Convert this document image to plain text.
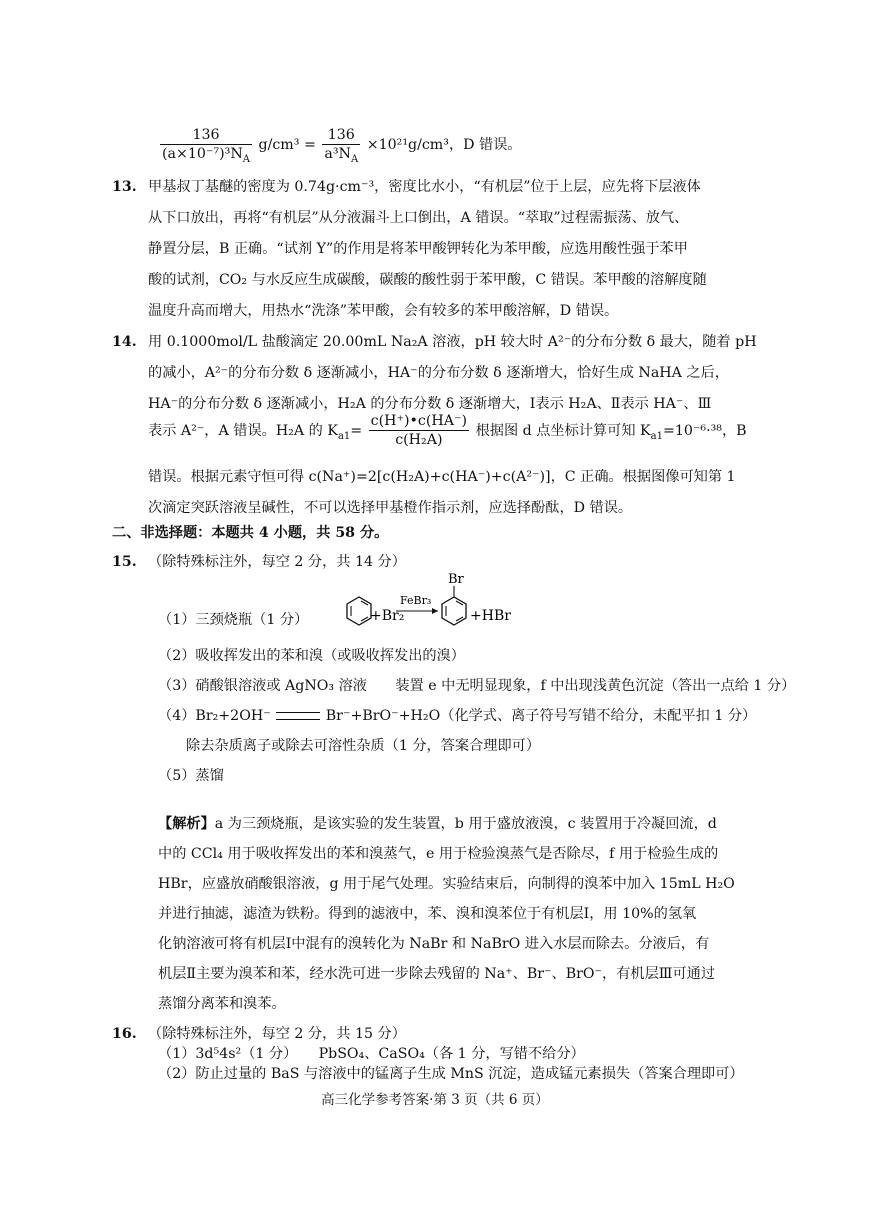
$\frac{136}{(a\times 10^{-7})^3N_A} g/cm^3 = \frac{136}{a^3N_A} \times 10^{21}g/cm^3$，D 错误。
13. 甲基叔丁基醚的密度为 0.74g·cm⁻³，密度比水小，“有机层”位于上层，应先将下层液体
从下口放出，再将“有机层”从分液漏斗上口倒出，A 错误。“萃取”过程需振荡、放气、
静置分层，B 正确。“试剂 Y”的作用是将苯甲酸钾转化为苯甲酸，应选用酸性强于苯甲
酸的试剂，CO₂ 与水反应生成碳酸，碳酸的酸性弱于苯甲酸，C 错误。苯甲酸的溶解度随
温度升高而增大，用热水“洗涤”苯甲酸，会有较多的苯甲酸溶解，D 错误。
14. 用 0.1000mol/L 盐酸滴定 20.00mL Na₂A 溶液，pH 较大时 A²⁻的分布分数 δ 最大，随着 pH
的减小，A²⁻的分布分数 δ 逐渐减小，HA⁻的分布分数 δ 逐渐增大，恰好生成 NaHA 之后，
HA⁻的分布分数 δ 逐渐减小，H₂A 的分布分数 δ 逐渐增大，Ⅰ表示 H₂A、Ⅱ表示 HA⁻、Ⅲ
表示 A²⁻，A 错误。H₂A 的 $K_{a1}= \frac{c(H^+)•c(HA^-)}{\text{c(H₂A)}}$ 根据图 d 点坐标计算可知 $K_{a1}=10^{-6}\cdot^{38}$，B
错误。根据元素守恒可得 c(Na⁺)=2[c(H₂A)+c(HA⁻)+c(A²⁻)]，C 正确。根据图像可知第 1
次滴定突跃溶液呈碱性，不可以选择甲基橙作指示剂，应选择酚酞，D 错误。
二、非选择题：本题共 4 小题，共 58 分。
15. （除特殊标注外，每空 2 分，共 14 分）
（1）三颈烧瓶（1 分）	+Br₂
FeBr₃
Br
+HBr
（2）吸收挥发出的苯和溴（或吸收挥发出的溴）
（3）硝酸银溶液或 AgNO₃ 溶液　　装置 e 中无明显现象，f 中出现浅黄色沉淀（答出一点给 1 分）
（4）Br₂+2OH⁻	Br⁻+BrO⁻+H₂O（化学式、离子符号写错不给分，未配平扣 1 分）
除去杂质离子或除去可溶性杂质（1 分，答案合理即可）
（5）蒸馏
【解析】a 为三颈烧瓶，是该实验的发生装置，b 用于盛放液溴，c 装置用于冷凝回流，d
中的 CCl₄ 用于吸收挥发出的苯和溴蒸气，e 用于检验溴蒸气是否除尽，f 用于检验生成的
HBr，应盛放硝酸银溶液，g 用于尾气处理。实验结束后，向制得的溴苯中加入 15mL H₂O
并进行抽滤，滤渣为铁粉。得到的滤液中，苯、溴和溴苯位于有机层Ⅰ，用 10%的氢氧
化钠溶液可将有机层Ⅰ中混有的溴转化为 NaBr 和 NaBrO 进入水层而除去。分液后，有
机层Ⅱ主要为溴苯和苯，经水洗可进一步除去残留的 Na⁺、Br⁻、BrO⁻，有机层Ⅲ可通过
蒸馏分离苯和溴苯。
16. （除特殊标注外，每空 2 分，共 15 分）
（1）3d⁵4s²（1 分）　　PbSO₄、CaSO₄（各 1 分，写错不给分）
（2）防止过量的 BaS 与溶液中的锰离子生成 MnS 沉淀，造成锰元素损失（答案合理即可）
高三化学参考答案·第 3 页（共 6 页）
